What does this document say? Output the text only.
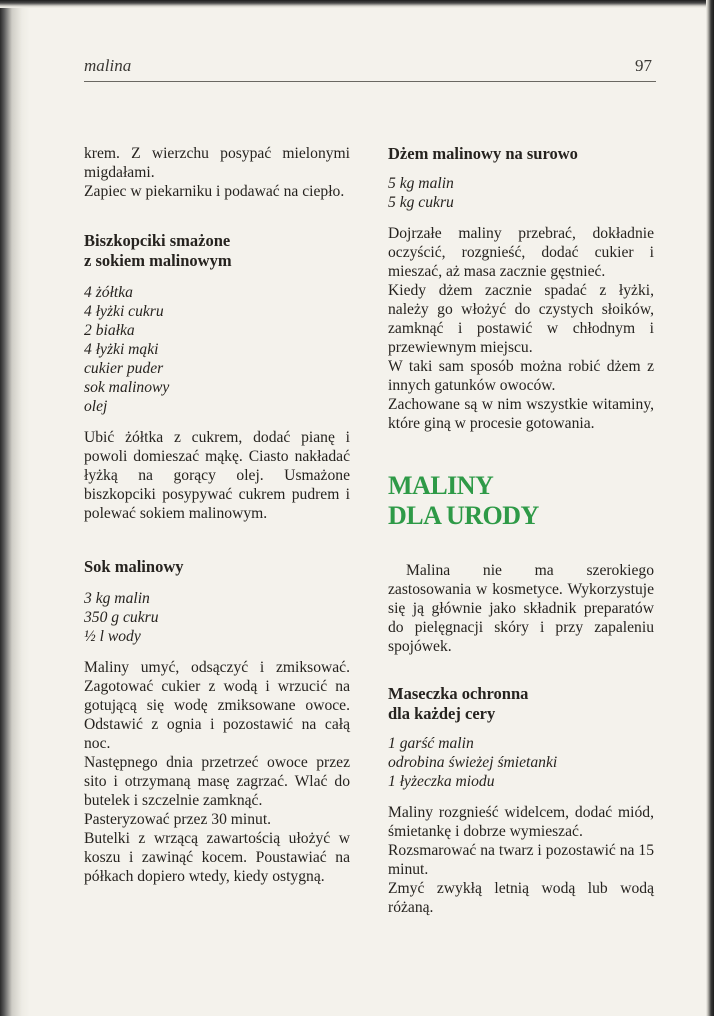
malina	97

krem. Z wierzchu posypać mielonymi migdałami.

Zapiec w piekarniku i podawać na ciepło.

Biszkopciki smażone
z sokiem malinowym
4 żółtka
4 łyżki cukru
2 białka
4 łyżki mąki
cukier puder
sok malinowy
olej

Ubić żółtka z cukrem, dodać pianę i powoli domieszać mąkę. Ciasto nakładać łyżką na gorący olej. Usmażone biszkopciki posypywać cukrem pudrem i polewać sokiem malinowym.

Sok malinowy
3 kg malin
350 g cukru
½ l wody

Maliny umyć, odsączyć i zmiksować. Zagotować cukier z wodą i wrzucić na gotującą się wodę zmiksowane owoce. Odstawić z ognia i pozostawić na całą noc.

Następnego dnia przetrzeć owoce przez sito i otrzymaną masę zagrzać. Wlać do butelek i szczelnie zamknąć.

Pasteryzować przez 30 minut.

Butelki z wrzącą zawartością ułożyć w koszu i zawinąć kocem. Poustawiać na półkach dopiero wtedy, kiedy ostygną.

Dżem malinowy na surowo
5 kg malin
5 kg cukru

Dojrzałe maliny przebrać, dokładnie oczyścić, rozgnieść, dodać cukier i mieszać, aż masa zacznie gęstnieć.

Kiedy dżem zacznie spadać z łyżki, należy go włożyć do czystych słoików, zamknąć i postawić w chłodnym i przewiewnym miejscu.

W taki sam sposób można robić dżem z innych gatunków owoców.

Zachowane są w nim wszystkie witaminy, które giną w procesie gotowania.

MALINY
DLA URODY

Malina nie ma szerokiego zastosowania w kosmetyce. Wykorzystuje się ją głównie jako składnik preparatów do pielęgnacji skóry i przy zapaleniu spojówek.

Maseczka ochronna
dla każdej cery
1 garść malin
odrobina świeżej śmietanki
1 łyżeczka miodu

Maliny rozgnieść widelcem, dodać miód, śmietankę i dobrze wymieszać.

Rozsmarować na twarz i pozostawić na 15 minut.

Zmyć zwykłą letnią wodą lub wodą różaną.
